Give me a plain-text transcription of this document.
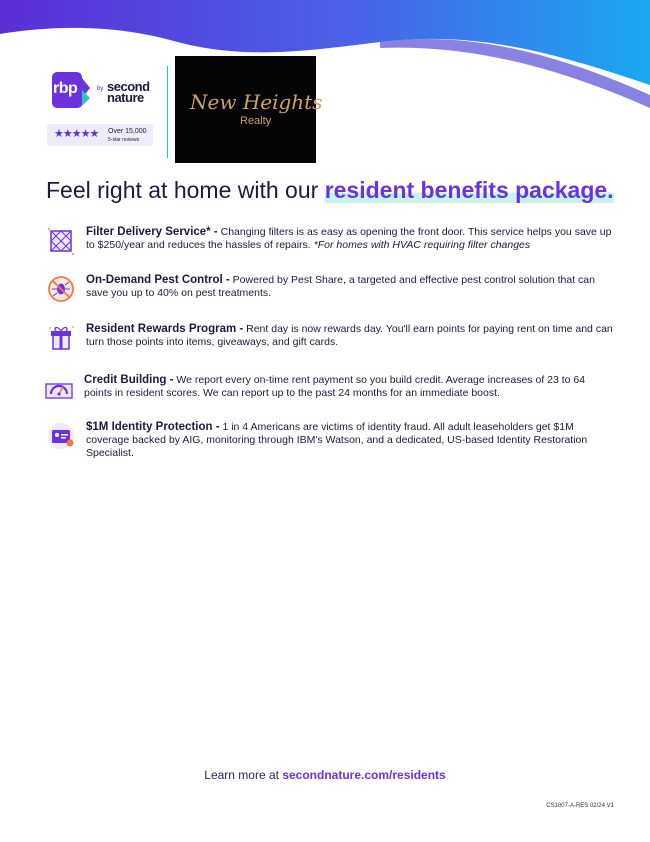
rbp	by second nature
★★★★★ Over 15,000
5-star reviews
New Heights
Realty
Feel right at home with our resident benefits package.
Filter Delivery Service* - Changing filters is as easy as opening the front door. This service helps you save up to $250/year and reduces the hassles of repairs. *For homes with HVAC requiring filter changes
On-Demand Pest Control - Powered by Pest Share, a targeted and effective pest control solution that can save you up to 40% on pest treatments.
Resident Rewards Program - Rent day is now rewards day. You'll earn points for paying rent on time and can turn those points into items, giveaways, and gift cards.
Credit Building - We report every on-time rent payment so you build credit. Average increases of 23 to 64 points in resident scores. We can report up to the past 24 months for an immediate boost.
$1M Identity Protection - 1 in 4 Americans are victims of identity fraud. All adult leaseholders get $1M coverage backed by AIG, monitoring through IBM's Watson, and a dedicated, US-based Identity Restoration Specialist.
Learn more at secondnature.com/residents
CS1007-A-RES 02/24 V1
